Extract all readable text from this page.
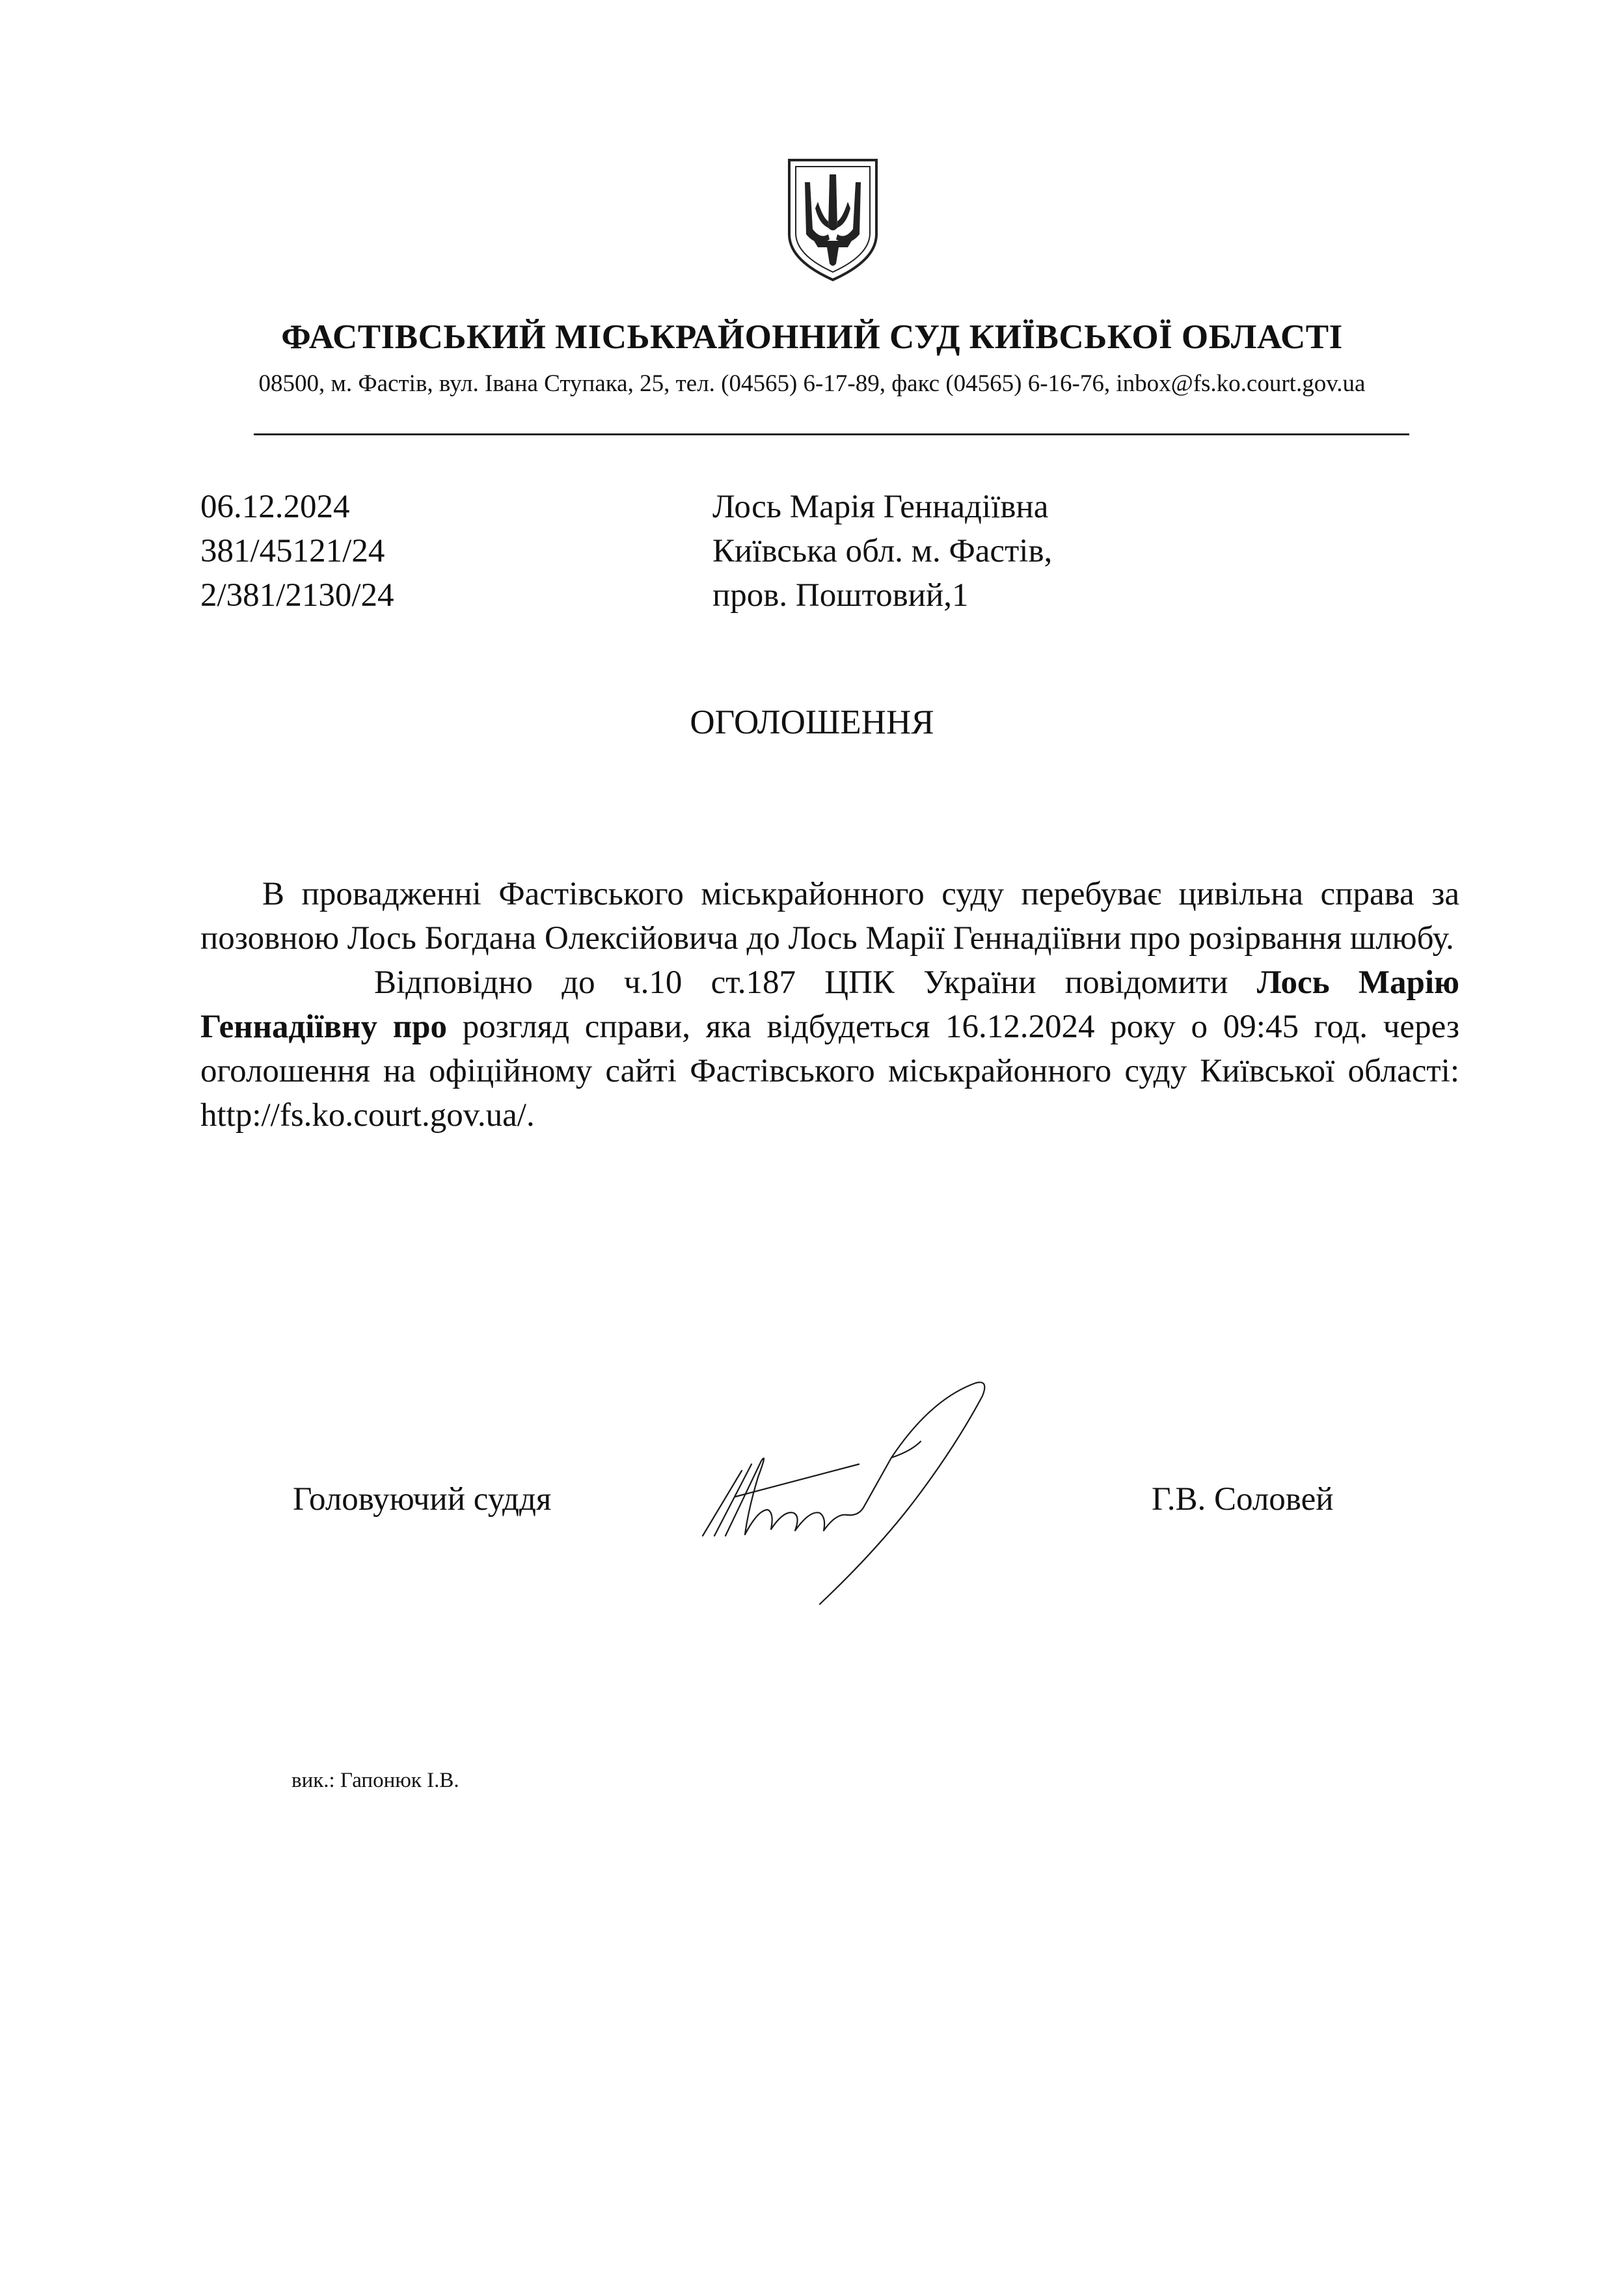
ФАСТІВСЬКИЙ МІСЬКРАЙОННИЙ СУД КИЇВСЬКОЇ ОБЛАСТІ
08500, м. Фастів, вул. Івана Ступака, 25, тел. (04565) 6-17-89, факс (04565) 6-16-76, inbox@fs.ko.court.gov.ua
06.12.2024
381/45121/24
2/381/2130/24
Лось Марія Геннадіївна
Київська обл. м. Фастів,
пров. Поштовий,1
ОГОЛОШЕННЯ

В провадженні Фастівського міськрайонного суду перебуває цивільна справа за позовною Лось Богдана Олексійовича до Лось Марії Геннадіївни про розірвання шлюбу.

Відповідно до ч.10 ст.187 ЦПК України повідомити Лось Марію Геннадіївну про розгляд справи, яка відбудеться 16.12.2024 року о 09:45 год. через оголошення на офіційному сайті Фастівського міськрайонного суду Київської області: http://fs.ko.court.gov.ua/.

Головуючий суддя	Г.В. Соловей
вик.: Гапонюк І.В.
